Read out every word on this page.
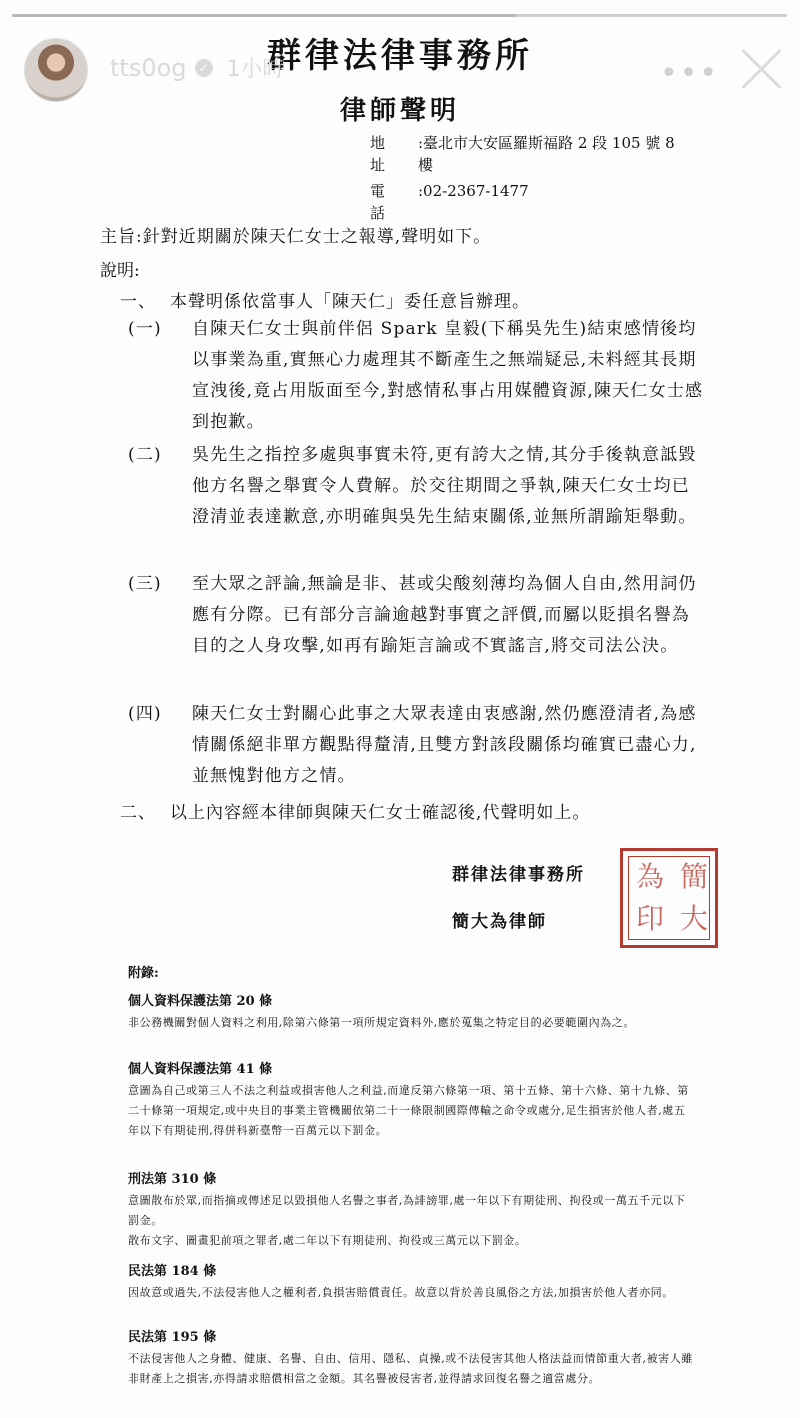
群律法律事務所
律師聲明
地 址
:臺北市大安區羅斯福路 2 段 105 號 8
樓
電 話
:02-2367-1477
主旨:針對近期關於陳天仁女士之報導,聲明如下。
說明:
一、 本聲明係依當事人「陳天仁」委任意旨辦理。
(一) 自陳天仁女士與前伴侶 Spark 皇毅(下稱吳先生)結束感情後均以事業為重,實無心力處理其不斷產生之無端疑忌,未料經其長期宣洩後,竟占用版面至今,對感情私事占用媒體資源,陳天仁女士感到抱歉。
(二) 吳先生之指控多處與事實未符,更有誇大之情,其分手後執意詆毀他方名譽之舉實令人費解。於交往期間之爭執,陳天仁女士均已澄清並表達歉意,亦明確與吳先生結束關係,並無所謂踰矩舉動。
(三) 至大眾之評論,無論是非、甚或尖酸刻薄均為個人自由,然用詞仍應有分際。已有部分言論逾越對事實之評價,而屬以貶損名譽為目的之人身攻擊,如再有踰矩言論或不實謠言,將交司法公決。
(四) 陳天仁女士對關心此事之大眾表達由衷感謝,然仍應澄清者,為感情關係絕非單方觀點得釐清,且雙方對該段關係均確實已盡心力,並無愧對他方之情。
二、 以上內容經本律師與陳天仁女士確認後,代聲明如上。
群律法律事務所
簡大為律師
簡
大
為
印
附錄:
個人資料保護法第 20 條
非公務機關對個人資料之利用,除第六條第一項所規定資料外,應於蒐集之特定目的必要範圍內為之。
個人資料保護法第 41 條
意圖為自己或第三人不法之利益或損害他人之利益,而違反第六條第一項、第十五條、第十六條、第十九條、第二十條第一項規定,或中央目的事業主管機關依第二十一條限制國際傳輸之命令或處分,足生損害於他人者,處五年以下有期徒刑,得併科新臺幣一百萬元以下罰金。
刑法第 310 條
意圖散布於眾,而指摘或傳述足以毀損他人名譽之事者,為誹謗罪,處一年以下有期徒刑、拘役或一萬五千元以下罰金。
散布文字、圖畫犯前項之罪者,處二年以下有期徒刑、拘役或三萬元以下罰金。
民法第 184 條
因故意或過失,不法侵害他人之權利者,負損害賠償責任。故意以背於善良風俗之方法,加損害於他人者亦同。
民法第 195 條
不法侵害他人之身體、健康、名譽、自由、信用、隱私、貞操,或不法侵害其他人格法益而情節重大者,被害人雖非財產上之損害,亦得請求賠償相當之金額。其名譽被侵害者,並得請求回復名譽之適當處分。
tts0og ✓ 1小時	•••
